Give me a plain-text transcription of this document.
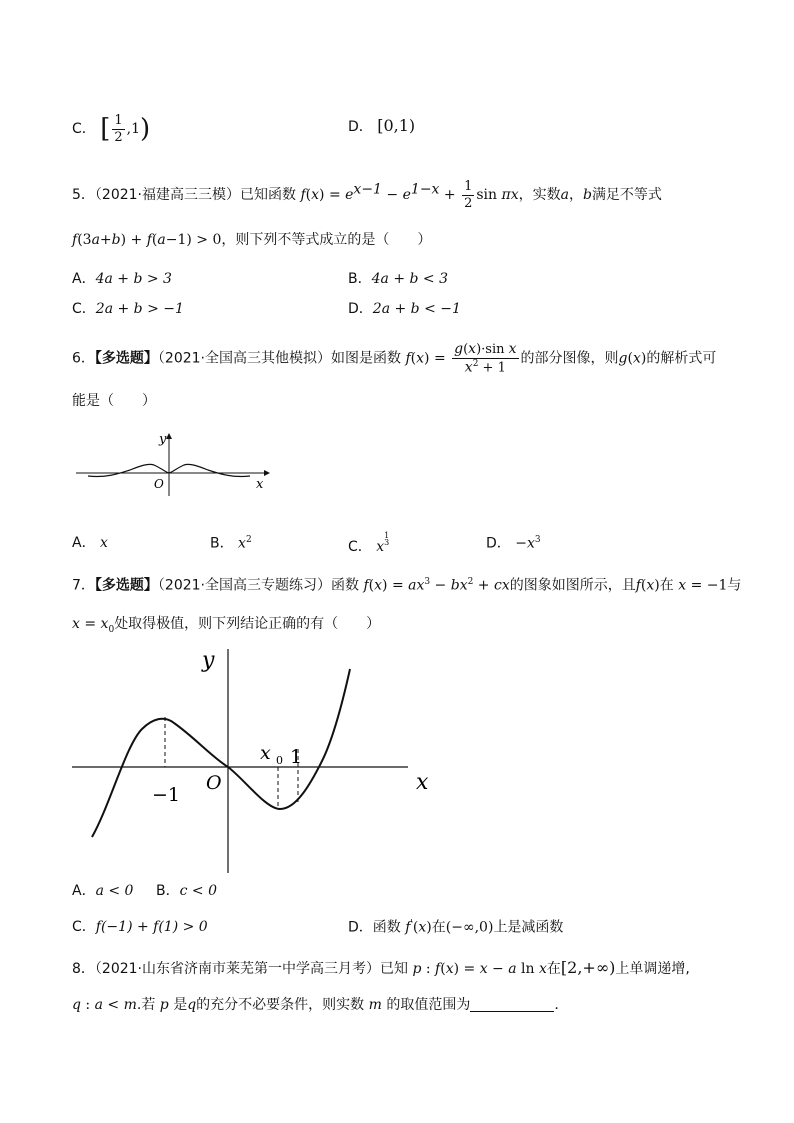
C． [ $\frac{1}{2} ,1$)	D． [0,1)
5．（2021·福建高三三模）已知函数 $f(x) = e^{x-1} - e^{1-x} + \frac{1}{2}$ sin πx，实数a，b满足不等式
f(3a+b) + f(a−1) > 0，则下列不等式成立的是（　　）
A．4a + b > 3	B．4a + b < 3
C．2a + b > −1	D．2a + b < −1
6．【多选题】（2021·全国高三其他模拟）如图是函数 $f(x) = \frac{\text{g(x)·sin x}}{x^2 + 1}$ 的部分图像，则g(x)的解析式可
能是（　　）
y
x
O
A． x	B． $x^2$	C． $x^{1 3}$	D． $-x^3$
7．【多选题】（2021·全国高三专题练习）函数 $f(x) = ax^3 - bx^2$ + cx的图象如图所示，且f(x)在 x = −1与
$x = x_0$处取得极值，则下列结论正确的有（　　）
y
x
O
−1
x 0 1
A．a < 0 B．c < 0
C．f(−1) + f(1) > 0	D．函数 f'(x)在(−∞,0)上是减函数
8．（2021·山东省济南市莱芜第一中学高三月考）已知 p : f(x) = x − a ln x在[2,+∞)上单调递增,
q : a < m.若 p 是q的充分不必要条件，则实数 m 的取值范围为	.
